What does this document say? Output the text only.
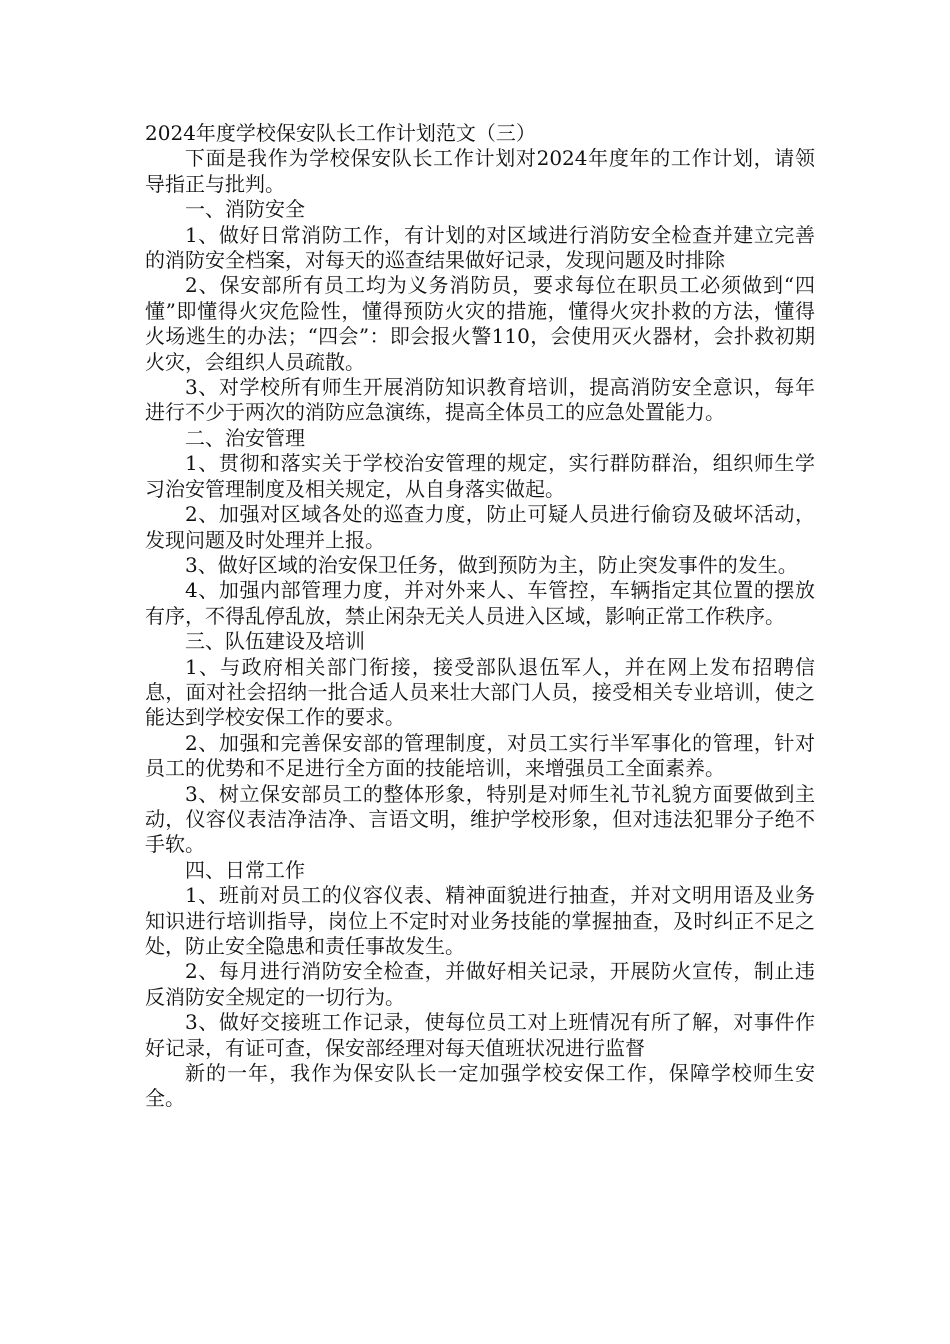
2024年度学校保安队长工作计划范文（三）

下面是我作为学校保安队长工作计划对2024年度年的工作计划，请领导指正与批判。

一、消防安全

1、做好日常消防工作，有计划的对区域进行消防安全检查并建立完善的消防安全档案，对每天的巡查结果做好记录，发现问题及时排除

2、保安部所有员工均为义务消防员，要求每位在职员工必须做到“四懂”即懂得火灾危险性，懂得预防火灾的措施，懂得火灾扑救的方法，懂得火场逃生的办法；“四会”：即会报火警110，会使用灭火器材，会扑救初期火灾，会组织人员疏散。

3、对学校所有师生开展消防知识教育培训，提高消防安全意识，每年进行不少于两次的消防应急演练，提高全体员工的应急处置能力。

二、治安管理

1、贯彻和落实关于学校治安管理的规定，实行群防群治，组织师生学习治安管理制度及相关规定，从自身落实做起。

2、加强对区域各处的巡查力度，防止可疑人员进行偷窃及破坏活动，发现问题及时处理并上报。

3、做好区域的治安保卫任务，做到预防为主，防止突发事件的发生。

4、加强内部管理力度，并对外来人、车管控，车辆指定其位置的摆放有序，不得乱停乱放，禁止闲杂无关人员进入区域，影响正常工作秩序。

三、队伍建设及培训

1、与政府相关部门衔接，接受部队退伍军人，并在网上发布招聘信息，面对社会招纳一批合适人员来壮大部门人员，接受相关专业培训，使之能达到学校安保工作的要求。

2、加强和完善保安部的管理制度，对员工实行半军事化的管理，针对员工的优势和不足进行全方面的技能培训，来增强员工全面素养。

3、树立保安部员工的整体形象，特别是对师生礼节礼貌方面要做到主动，仪容仪表洁净洁净、言语文明，维护学校形象，但对违法犯罪分子绝不手软。

四、日常工作

1、班前对员工的仪容仪表、精神面貌进行抽查，并对文明用语及业务知识进行培训指导，岗位上不定时对业务技能的掌握抽查，及时纠正不足之处，防止安全隐患和责任事故发生。

2、每月进行消防安全检查，并做好相关记录，开展防火宣传，制止违反消防安全规定的一切行为。

3、做好交接班工作记录，使每位员工对上班情况有所了解，对事件作好记录，有证可查，保安部经理对每天值班状况进行监督

新的一年，我作为保安队长一定加强学校安保工作，保障学校师生安全。
